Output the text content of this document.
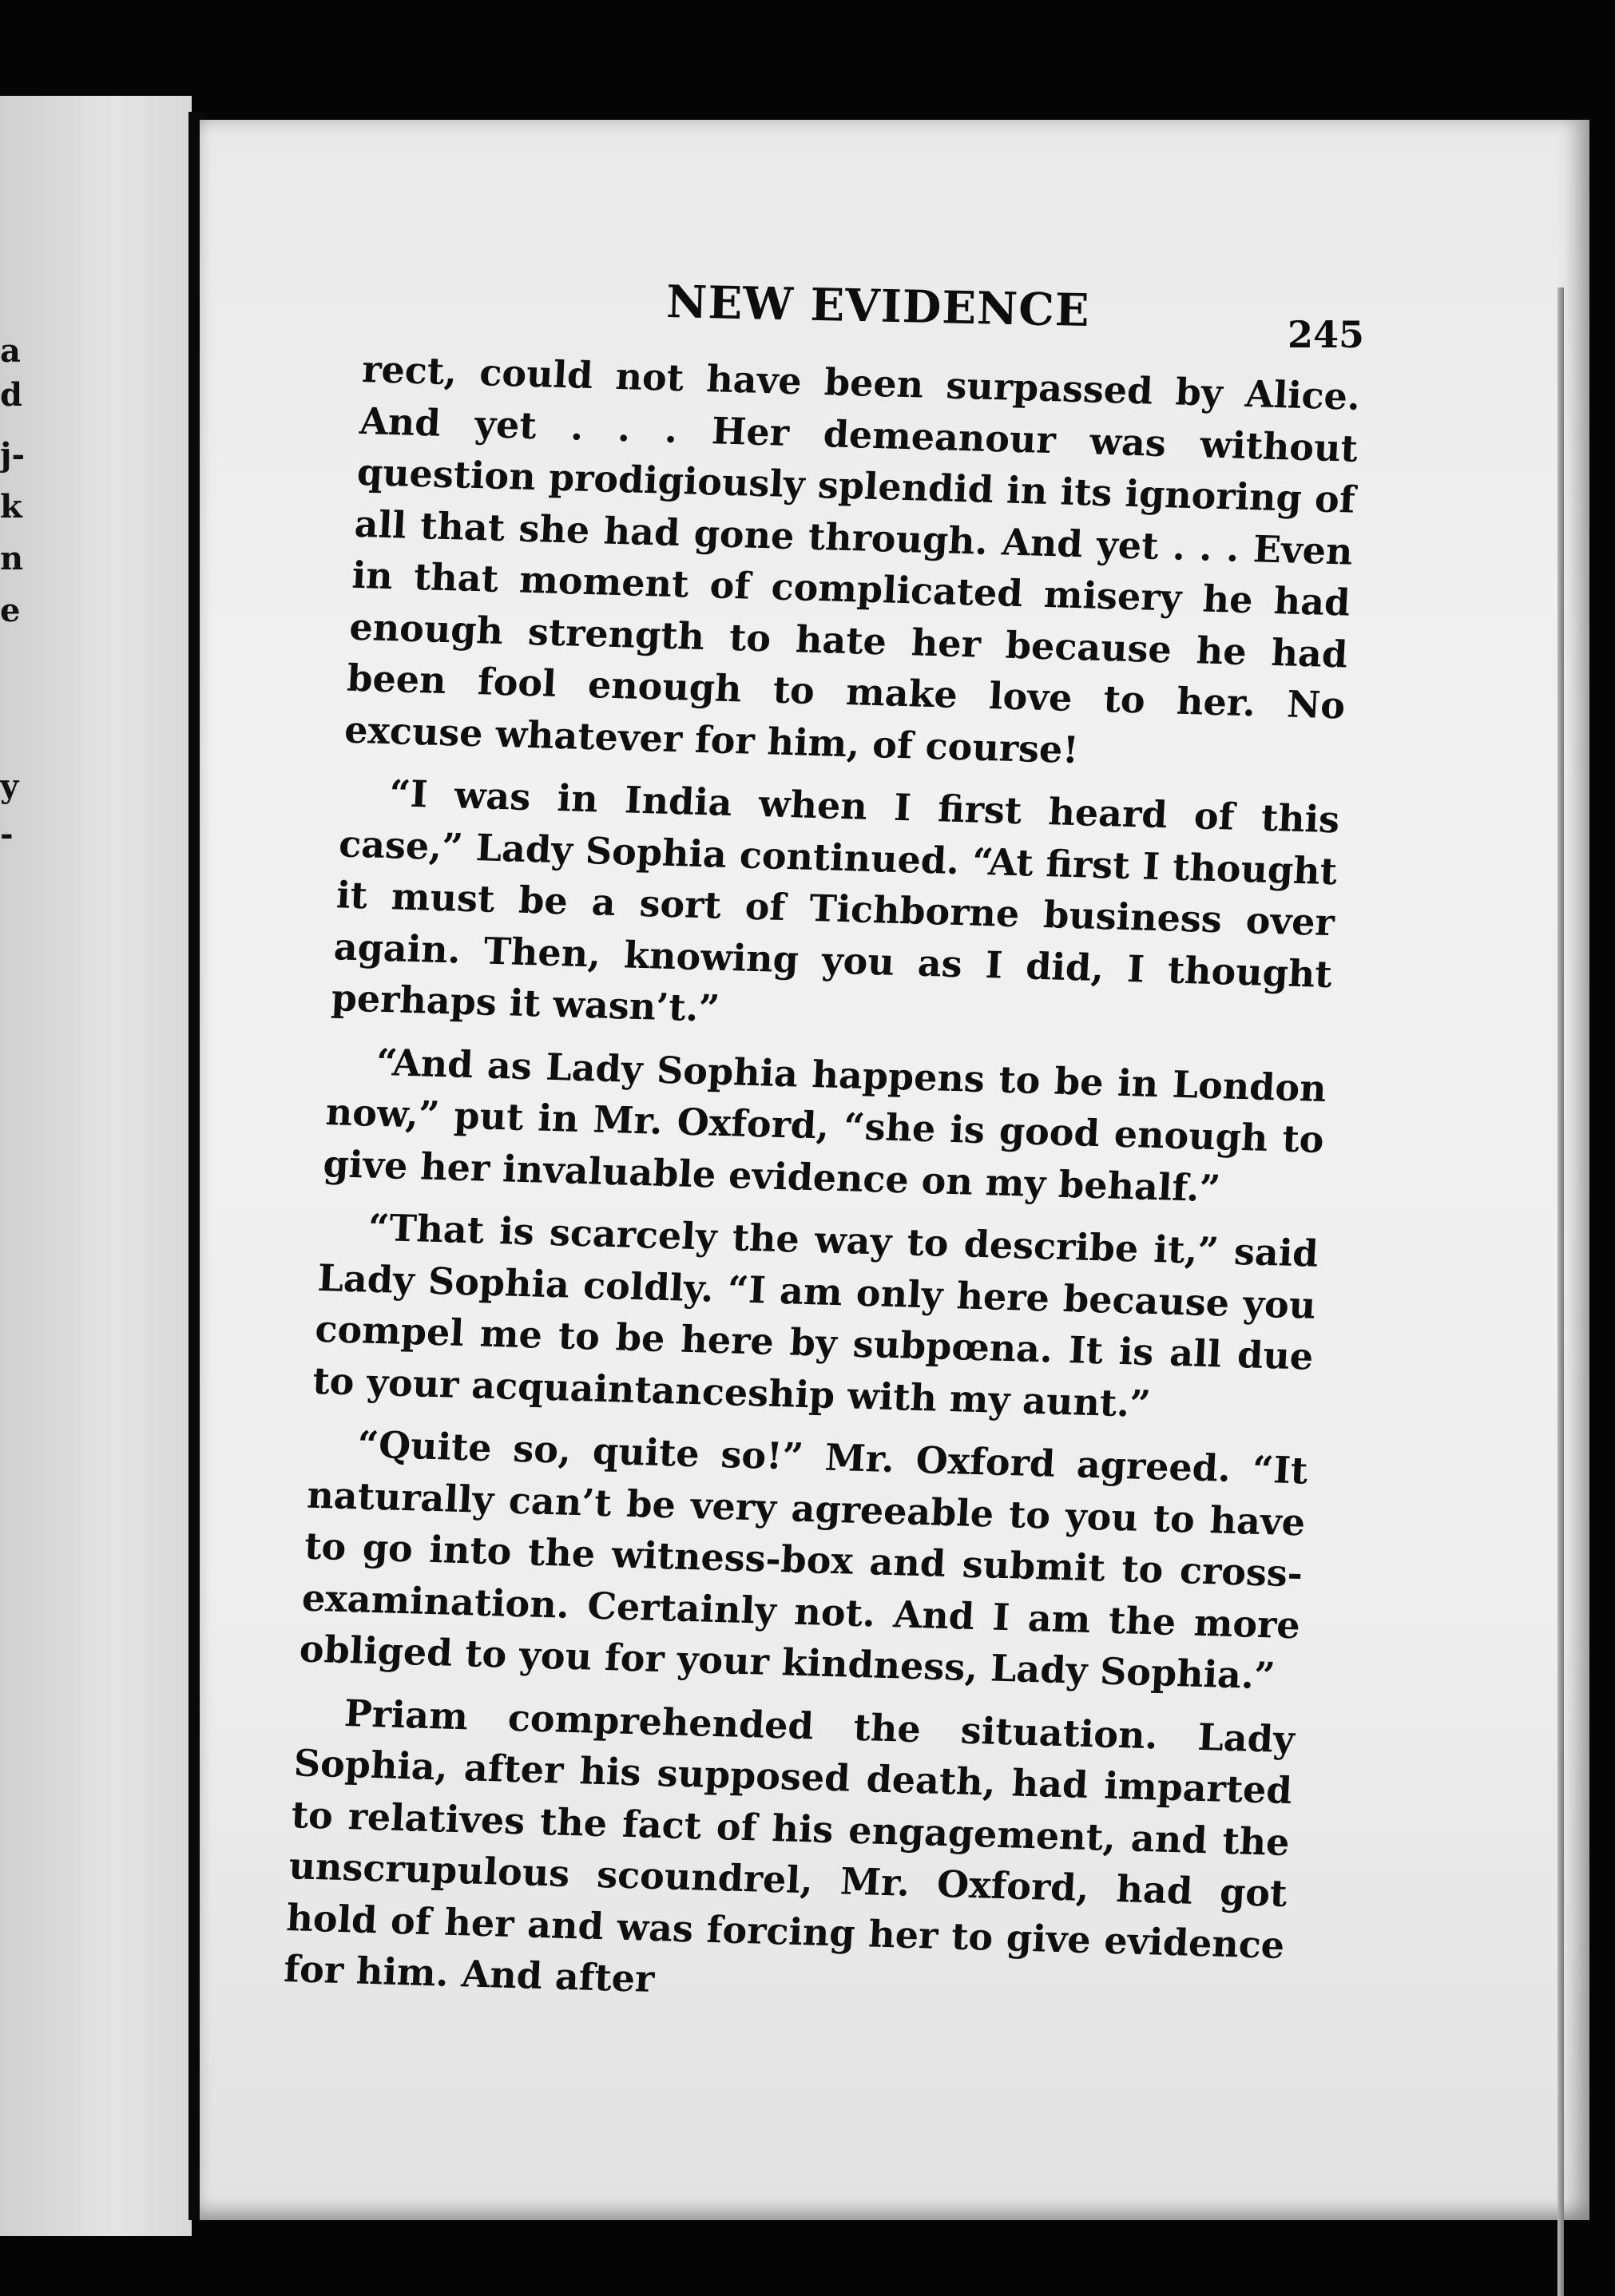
a
d
j-
k
n
e
y
-
NEW EVIDENCE	245

rect, could not have been surpassed by Alice. And yet . . . Her demeanour was without question prodigiously splendid in its ignoring of all that she had gone through. And yet . . . Even in that moment of complicated misery he had enough strength to hate her because he had been fool enough to make love to her. No excuse whatever for him, of course!

“I was in India when I first heard of this case,” Lady Sophia continued. “At first I thought it must be a sort of Tichborne business over again. Then, knowing you as I did, I thought perhaps it wasn’t.”

“And as Lady Sophia happens to be in London now,” put in Mr. Oxford, “she is good enough to give her invaluable evidence on my behalf.”

“That is scarcely the way to describe it,” said Lady Sophia coldly. “I am only here because you compel me to be here by subpœna. It is all due to your acquaintanceship with my aunt.”

“Quite so, quite so!” Mr. Oxford agreed. “It naturally can’t be very agreeable to you to have to go into the witness-box and submit to cross-examination. Certainly not. And I am the more obliged to you for your kindness, Lady Sophia.”

Priam comprehended the situation. Lady Sophia, after his supposed death, had imparted to relatives the fact of his engagement, and the unscrupulous scoundrel, Mr. Oxford, had got hold of her and was forcing her to give evidence for him. And after
